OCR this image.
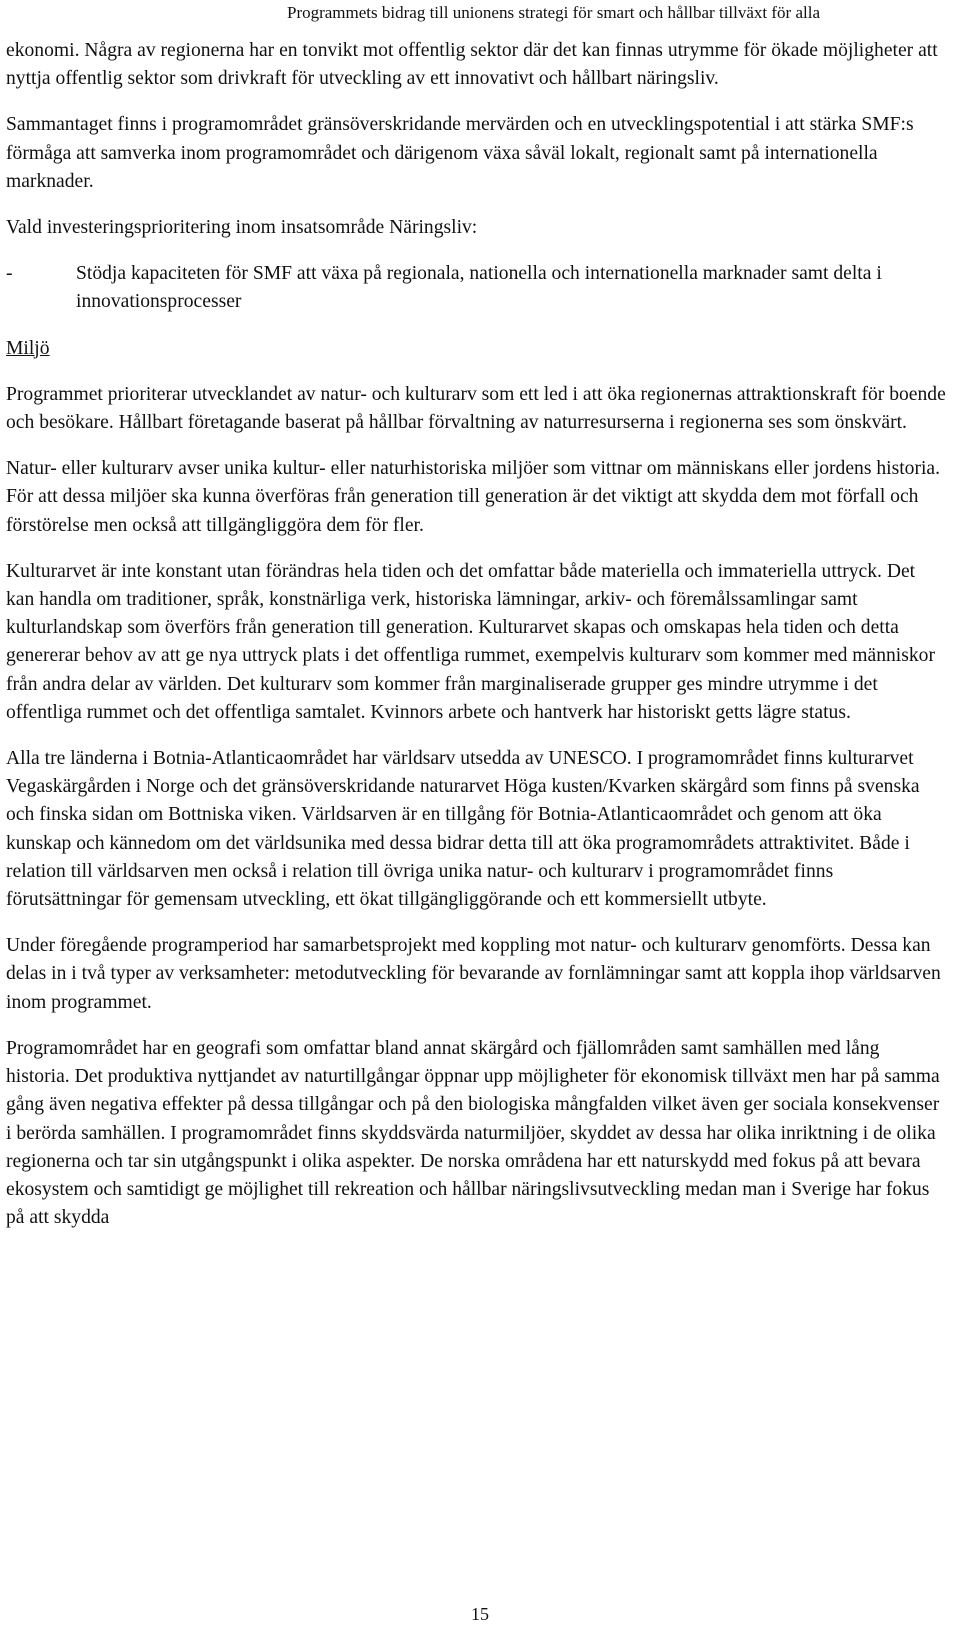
Programmets bidrag till unionens strategi för smart och hållbar tillväxt för alla

ekonomi. Några av regionerna har en tonvikt mot offentlig sektor där det kan finnas utrymme för ökade möjligheter att nyttja offentlig sektor som drivkraft för utveckling av ett innovativt och hållbart näringsliv.

Sammantaget finns i programområdet gränsöverskridande mervärden och en utvecklingspotential i att stärka SMF:s förmåga att samverka inom programområdet och därigenom växa såväl lokalt, regionalt samt på internationella marknader.

Vald investeringsprioritering inom insatsområde Näringsliv:

-	Stödja kapaciteten för SMF att växa på regionala, nationella och internationella marknader samt delta i innovationsprocesser

Miljö

Programmet prioriterar utvecklandet av natur- och kulturarv som ett led i att öka regionernas attraktionskraft för boende och besökare. Hållbart företagande baserat på hållbar förvaltning av naturresurserna i regionerna ses som önskvärt.

Natur- eller kulturarv avser unika kultur- eller naturhistoriska miljöer som vittnar om människans eller jordens historia. För att dessa miljöer ska kunna överföras från generation till generation är det viktigt att skydda dem mot förfall och förstörelse men också att tillgängliggöra dem för fler.

Kulturarvet är inte konstant utan förändras hela tiden och det omfattar både materiella och immateriella uttryck. Det kan handla om traditioner, språk, konstnärliga verk, historiska lämningar, arkiv- och föremålssamlingar samt kulturlandskap som överförs från generation till generation. Kulturarvet skapas och omskapas hela tiden och detta genererar behov av att ge nya uttryck plats i det offentliga rummet, exempelvis kulturarv som kommer med människor från andra delar av världen. Det kulturarv som kommer från marginaliserade grupper ges mindre utrymme i det offentliga rummet och det offentliga samtalet. Kvinnors arbete och hantverk har historiskt getts lägre status.

Alla tre länderna i Botnia-Atlanticaområdet har världsarv utsedda av UNESCO. I programområdet finns kulturarvet Vegaskärgården i Norge och det gränsöverskridande naturarvet Höga kusten/Kvarken skärgård som finns på svenska och finska sidan om Bottniska viken. Världsarven är en tillgång för Botnia-Atlanticaområdet och genom att öka kunskap och kännedom om det världsunika med dessa bidrar detta till att öka programområdets attraktivitet. Både i relation till världsarven men också i relation till övriga unika natur- och kulturarv i programområdet finns förutsättningar för gemensam utveckling, ett ökat tillgängliggörande och ett kommersiellt utbyte.

Under föregående programperiod har samarbetsprojekt med koppling mot natur- och kulturarv genomförts. Dessa kan delas in i två typer av verksamheter: metodutveckling för bevarande av fornlämningar samt att koppla ihop världsarven inom programmet.

Programområdet har en geografi som omfattar bland annat skärgård och fjällområden samt samhällen med lång historia. Det produktiva nyttjandet av naturtillgångar öppnar upp möjligheter för ekonomisk tillväxt men har på samma gång även negativa effekter på dessa tillgångar och på den biologiska mångfalden vilket även ger sociala konsekvenser i berörda samhällen. I programområdet finns skyddsvärda naturmiljöer, skyddet av dessa har olika inriktning i de olika regionerna och tar sin utgångspunkt i olika aspekter. De norska områdena har ett naturskydd med fokus på att bevara ekosystem och samtidigt ge möjlighet till rekreation och hållbar näringslivsutveckling medan man i Sverige har fokus på att skydda

15
